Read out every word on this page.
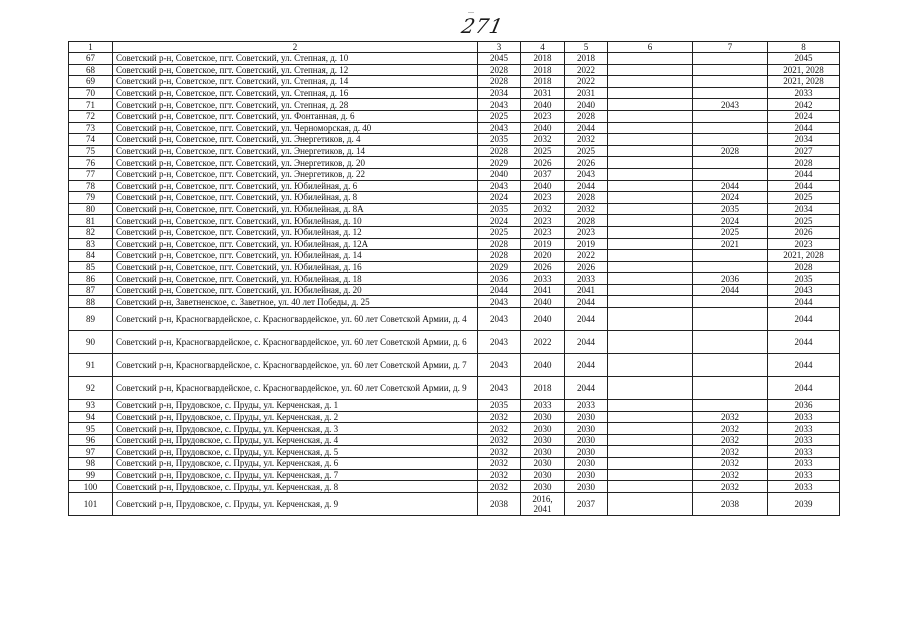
...
271
1	2	3	4	5	6	7	8
67	Советский р-н, Советское, пгт. Советский, ул. Степная, д. 10	2045	2018	2018			2045
68	Советский р-н, Советское, пгт. Советский, ул. Степная, д. 12	2028	2018	2022			2021, 2028
69	Советский р-н, Советское, пгт. Советский, ул. Степная, д. 14	2028	2018	2022			2021, 2028
70	Советский р-н, Советское, пгт. Советский, ул. Степная, д. 16	2034	2031	2031			2033
71	Советский р-н, Советское, пгт. Советский, ул. Степная, д. 28	2043	2040	2040		2043	2042
72	Советский р-н, Советское, пгт. Советский, ул. Фонтанная, д. 6	2025	2023	2028			2024
73	Советский р-н, Советское, пгт. Советский, ул. Черноморская, д. 40	2043	2040	2044			2044
74	Советский р-н, Советское, пгт. Советский, ул. Энергетиков, д. 4	2035	2032	2032			2034
75	Советский р-н, Советское, пгт. Советский, ул. Энергетиков, д. 14	2028	2025	2025		2028	2027
76	Советский р-н, Советское, пгт. Советский, ул. Энергетиков, д. 20	2029	2026	2026			2028
77	Советский р-н, Советское, пгт. Советский, ул. Энергетиков, д. 22	2040	2037	2043			2044
78	Советский р-н, Советское, пгт. Советский, ул. Юбилейная, д. 6	2043	2040	2044		2044	2044
79	Советский р-н, Советское, пгт. Советский, ул. Юбилейная, д. 8	2024	2023	2028		2024	2025
80	Советский р-н, Советское, пгт. Советский, ул. Юбилейная, д. 8А	2035	2032	2032		2035	2034
81	Советский р-н, Советское, пгт. Советский, ул. Юбилейная, д. 10	2024	2023	2028		2024	2025
82	Советский р-н, Советское, пгт. Советский, ул. Юбилейная, д. 12	2025	2023	2023		2025	2026
83	Советский р-н, Советское, пгт. Советский, ул. Юбилейная, д. 12А	2028	2019	2019		2021	2023
84	Советский р-н, Советское, пгт. Советский, ул. Юбилейная, д. 14	2028	2020	2022			2021, 2028
85	Советский р-н, Советское, пгт. Советский, ул. Юбилейная, д. 16	2029	2026	2026			2028
86	Советский р-н, Советское, пгт. Советский, ул. Юбилейная, д. 18	2036	2033	2033		2036	2035
87	Советский р-н, Советское, пгт. Советский, ул. Юбилейная, д. 20	2044	2041	2041		2044	2043
88	Советский р-н, Заветненское, с. Заветное, ул. 40 лет Победы, д. 25	2043	2040	2044			2044
89	Советский р-н, Красногвардейское, с. Красногвардейское, ул. 60 лет Советской Армии, д. 4	2043	2040	2044			2044
90	Советский р-н, Красногвардейское, с. Красногвардейское, ул. 60 лет Советской Армии, д. 6	2043	2022	2044			2044
91	Советский р-н, Красногвардейское, с. Красногвардейское, ул. 60 лет Советской Армии, д. 7	2043	2040	2044			2044
92	Советский р-н, Красногвардейское, с. Красногвардейское, ул. 60 лет Советской Армии, д. 9	2043	2018	2044			2044
93	Советский р-н, Прудовское, с. Пруды, ул. Керченская, д. 1	2035	2033	2033			2036
94	Советский р-н, Прудовское, с. Пруды, ул. Керченская, д. 2	2032	2030	2030		2032	2033
95	Советский р-н, Прудовское, с. Пруды, ул. Керченская, д. 3	2032	2030	2030		2032	2033
96	Советский р-н, Прудовское, с. Пруды, ул. Керченская, д. 4	2032	2030	2030		2032	2033
97	Советский р-н, Прудовское, с. Пруды, ул. Керченская, д. 5	2032	2030	2030		2032	2033
98	Советский р-н, Прудовское, с. Пруды, ул. Керченская, д. 6	2032	2030	2030		2032	2033
99	Советский р-н, Прудовское, с. Пруды, ул. Керченская, д. 7	2032	2030	2030		2032	2033
100	Советский р-н, Прудовское, с. Пруды, ул. Керченская, д. 8	2032	2030	2030		2032	2033
101	Советский р-н, Прудовское, с. Пруды, ул. Керченская, д. 9	2038	2016, 2041	2037		2038	2039
